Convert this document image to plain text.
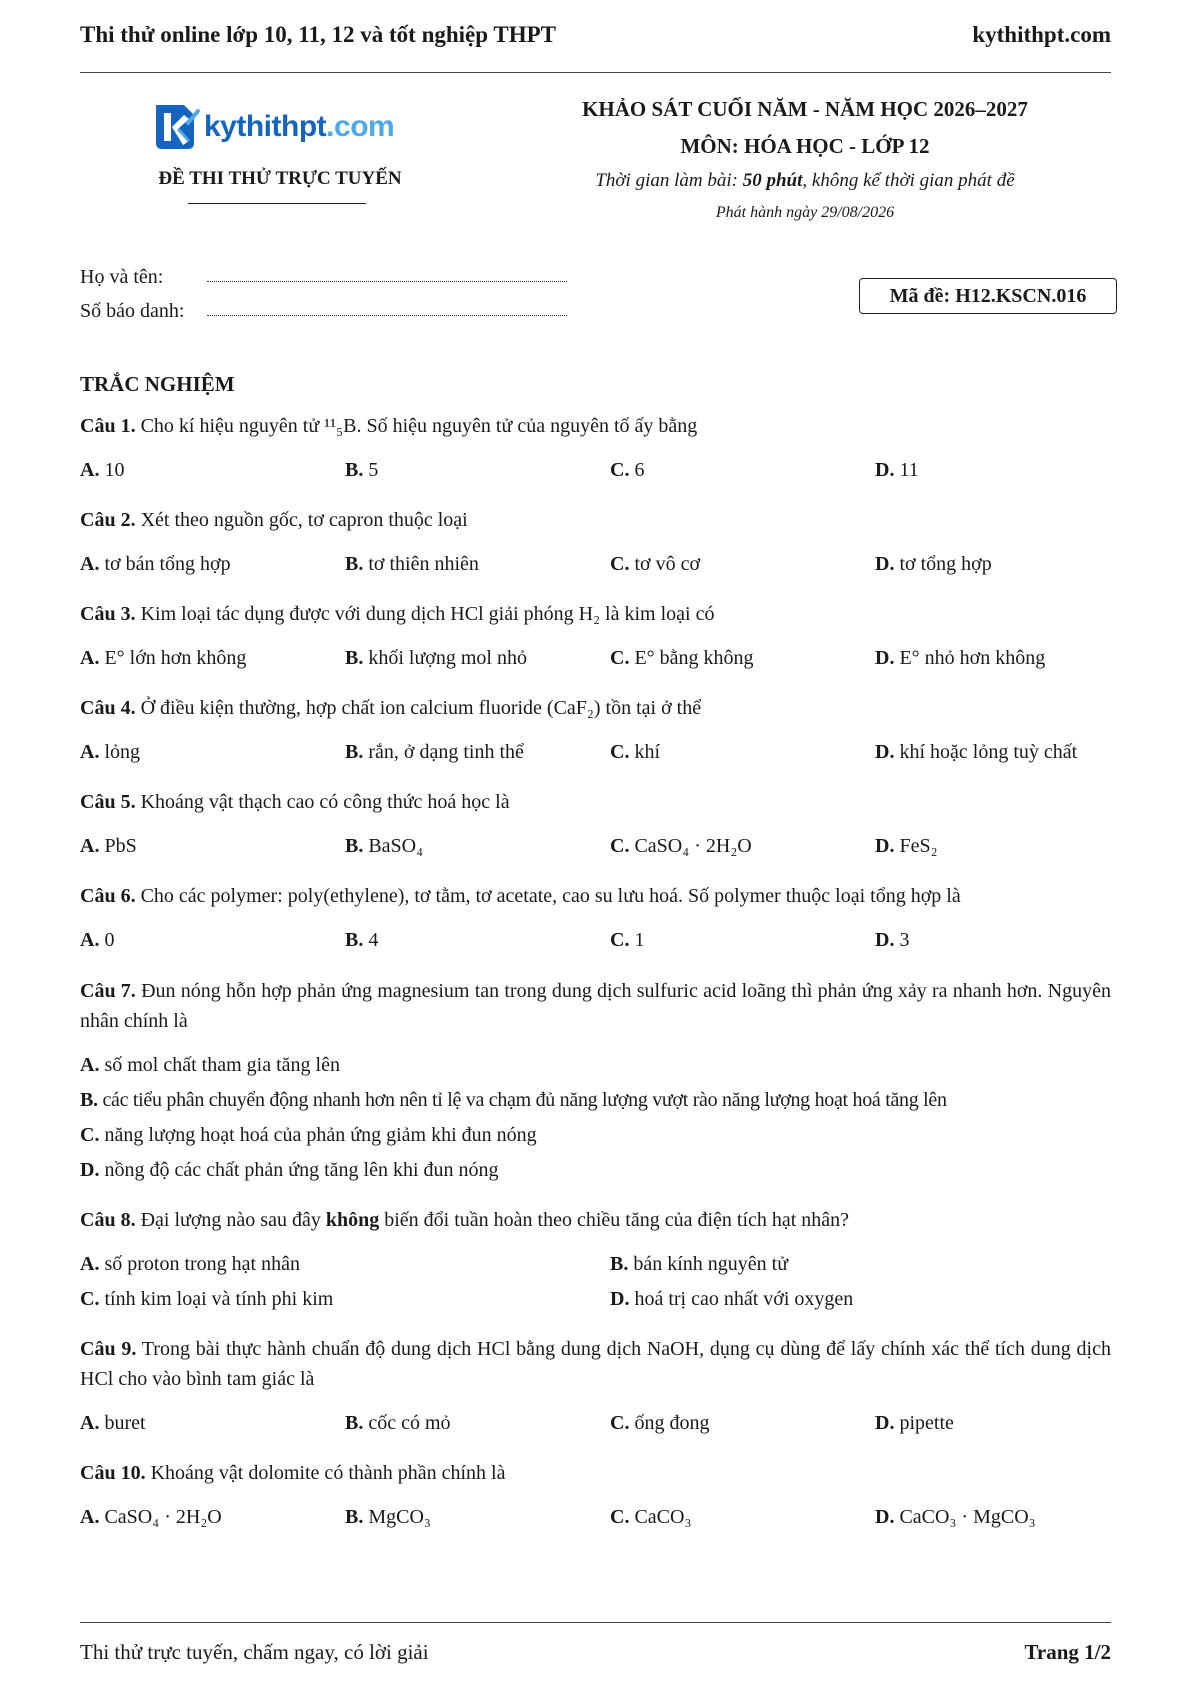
Thi thử online lớp 10, 11, 12 và tốt nghiệp THPT	kythithpt.com
kythithpt.com
ĐỀ THI THỬ TRỰC TUYẾN
KHẢO SÁT CUỐI NĂM - NĂM HỌC 2026–2027
MÔN: HÓA HỌC - LỚP 12
Thời gian làm bài: 50 phút, không kể thời gian phát đề
Phát hành ngày 29/08/2026
Họ và tên:
Số báo danh:
Mã đề: H12.KSCN.016
TRẮC NGHIỆM
Câu 1. Cho kí hiệu nguyên tử ¹¹₅B. Số hiệu nguyên tử của nguyên tố ấy bằng
A. 10	B. 5	C. 6	D. 11
Câu 2. Xét theo nguồn gốc, tơ capron thuộc loại
A. tơ bán tổng hợp	B. tơ thiên nhiên	C. tơ vô cơ	D. tơ tổng hợp
Câu 3. Kim loại tác dụng được với dung dịch HCl giải phóng H₂ là kim loại có
A. E° lớn hơn không	B. khối lượng mol nhỏ	C. E° bằng không	D. E° nhỏ hơn không
Câu 4. Ở điều kiện thường, hợp chất ion calcium fluoride (CaF₂) tồn tại ở thể
A. lỏng	B. rắn, ở dạng tinh thể	C. khí	D. khí hoặc lỏng tuỳ chất
Câu 5. Khoáng vật thạch cao có công thức hoá học là
A. PbS	B. BaSO₄	C. CaSO₄ · 2H₂O	D. FeS₂
Câu 6. Cho các polymer: poly(ethylene), tơ tằm, tơ acetate, cao su lưu hoá. Số polymer thuộc loại tổng hợp là
A. 0	B. 4	C. 1	D. 3
Câu 7. Đun nóng hỗn hợp phản ứng magnesium tan trong dung dịch sulfuric acid loãng thì phản ứng xảy ra nhanh hơn. Nguyên nhân chính là
A. số mol chất tham gia tăng lên
B. các tiểu phân chuyển động nhanh hơn nên tỉ lệ va chạm đủ năng lượng vượt rào năng lượng hoạt hoá tăng lên
C. năng lượng hoạt hoá của phản ứng giảm khi đun nóng
D. nồng độ các chất phản ứng tăng lên khi đun nóng
Câu 8. Đại lượng nào sau đây không biến đổi tuần hoàn theo chiều tăng của điện tích hạt nhân?
A. số proton trong hạt nhân	B. bán kính nguyên tử
C. tính kim loại và tính phi kim	D. hoá trị cao nhất với oxygen
Câu 9. Trong bài thực hành chuẩn độ dung dịch HCl bằng dung dịch NaOH, dụng cụ dùng để lấy chính xác thể tích dung dịch HCl cho vào bình tam giác là
A. buret	B. cốc có mỏ	C. ống đong	D. pipette
Câu 10. Khoáng vật dolomite có thành phần chính là
A. CaSO₄ · 2H₂O	B. MgCO₃	C. CaCO₃	D. CaCO₃ · MgCO₃
Thi thử trực tuyến, chấm ngay, có lời giải	Trang 1/2
